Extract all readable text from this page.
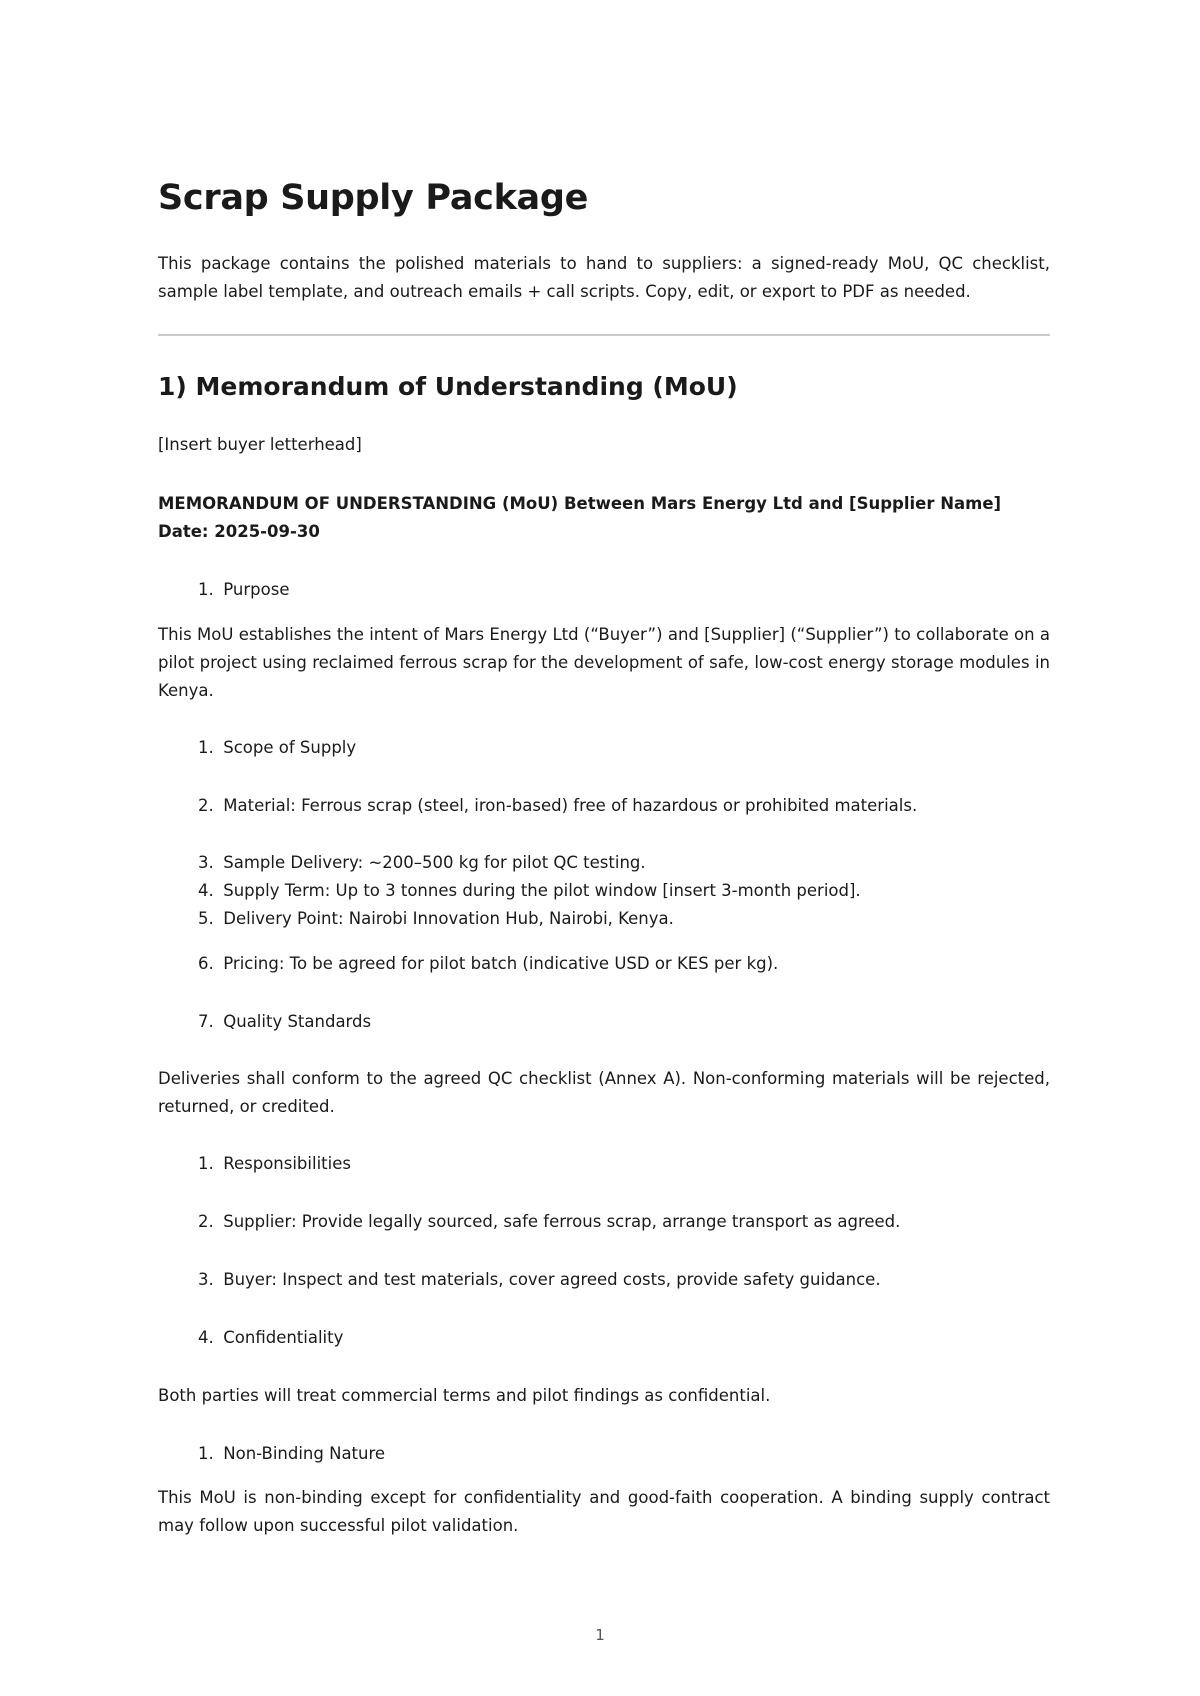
Scrap Supply Package

This package contains the polished materials to hand to suppliers: a signed-ready MoU, QC checklist, sample label template, and outreach emails + call scripts. Copy, edit, or export to PDF as needed.

1) Memorandum of Understanding (MoU)

[Insert buyer letterhead]

MEMORANDUM OF UNDERSTANDING (MoU) Between Mars Energy Ltd and [Supplier Name] Date: 2025-09-30

1. Purpose

This MoU establishes the intent of Mars Energy Ltd (“Buyer”) and [Supplier] (“Supplier”) to collaborate on a pilot project using reclaimed ferrous scrap for the development of safe, low-cost energy storage modules in Kenya.

1. Scope of Supply

2. Material: Ferrous scrap (steel, iron-based) free of hazardous or prohibited materials.

3. Sample Delivery: ~200–500 kg for pilot QC testing.

4. Supply Term: Up to 3 tonnes during the pilot window [insert 3-month period].

5. Delivery Point: Nairobi Innovation Hub, Nairobi, Kenya.

6. Pricing: To be agreed for pilot batch (indicative USD or KES per kg).

7. Quality Standards

Deliveries shall conform to the agreed QC checklist (Annex A). Non-conforming materials will be rejected, returned, or credited.

1. Responsibilities

2. Supplier: Provide legally sourced, safe ferrous scrap, arrange transport as agreed.

3. Buyer: Inspect and test materials, cover agreed costs, provide safety guidance.

4. Confidentiality

Both parties will treat commercial terms and pilot findings as confidential.

1. Non-Binding Nature

This MoU is non-binding except for confidentiality and good-faith cooperation. A binding supply contract may follow upon successful pilot validation.

1
